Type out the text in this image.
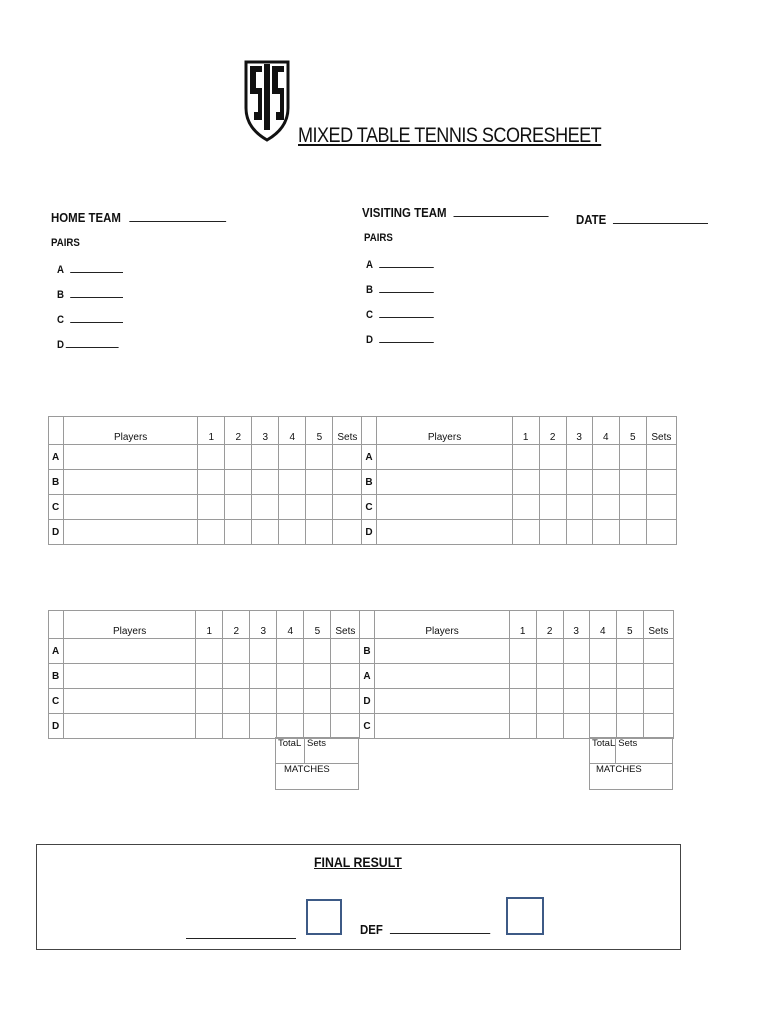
MIXED TABLE TENNIS SCORESHEET
HOME TEAM
PAIRS
A
B
C
D
VISITING TEAM
PAIRS
A
B
C
D
DATE
	Players	1	2	3	4	5	Sets		Players	1	2	3	4	5	Sets
A								A							
B								B							
C								C							
D								D							
	Players	1	2	3	4	5	Sets		Players	1	2	3	4	5	Sets
A								B							
B								A							
C								D							
D								C							
TotaL	Sets
MATCHES
TotaL	Sets
MATCHES
FINAL RESULT
DEF
